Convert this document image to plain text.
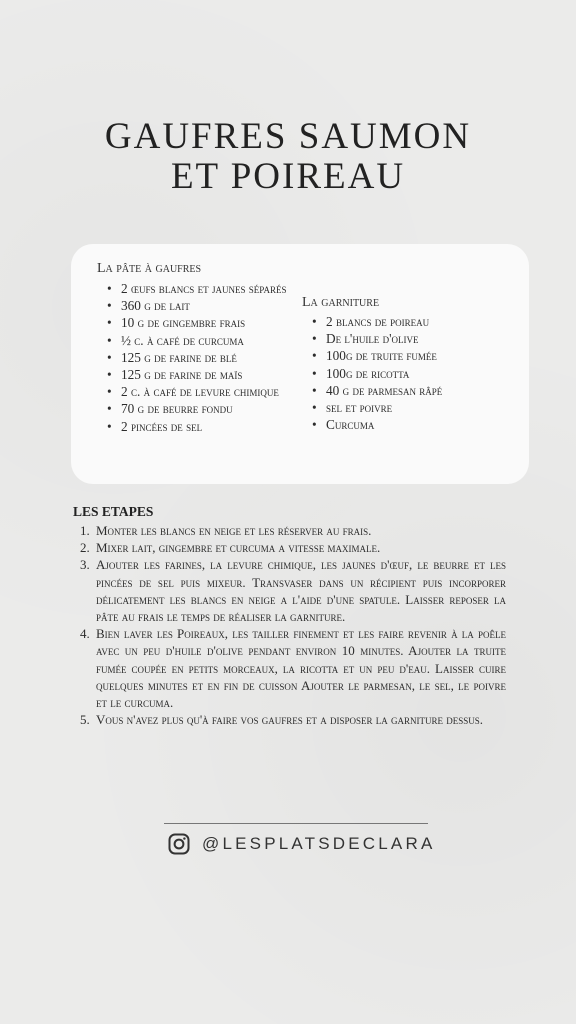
GAUFRES SAUMON
ET POIREAU
La pâte à gaufres
• 2 œufs blancs et jaunes séparés
• 360 g de lait
• 10 g de gingembre frais
• ½ c. à café de curcuma
• 125 g de farine de blé
• 125 g de farine de maïs
• 2 c. à café de levure chimique
• 70 g de beurre fondu
• 2 pincées de sel
La garniture
• 2 blancs de poireau
• De l'huile d'olive
• 100g de truite fumée
• 100g de ricotta
• 40 g de parmesan râpé
• sel et poivre
• Curcuma
LES ETAPES
1. Monter les blancs en neige et les réserver au frais.
2. Mixer lait, gingembre et curcuma a vitesse maximale.
3. Ajouter les farines, la levure chimique, les jaunes d'œuf, le beurre et les pincées de sel puis mixeur. Transvaser dans un récipient puis incorporer délicatement les blancs en neige a l'aide d'une spatule. Laisser reposer la pâte au frais le temps de réaliser la garniture.
4. Bien laver les Poireaux, les tailler finement et les faire revenir à la poêle avec un peu d'huile d'olive pendant environ 10 minutes. Ajouter la truite fumée coupée en petits morceaux, la ricotta et un peu d'eau. Laisser cuire quelques minutes et en fin de cuisson Ajouter le parmesan, le sel, le poivre et le curcuma.
5. Vous n'avez plus qu'à faire vos gaufres et a disposer la garniture dessus.
@LESPLATSDECLARA
